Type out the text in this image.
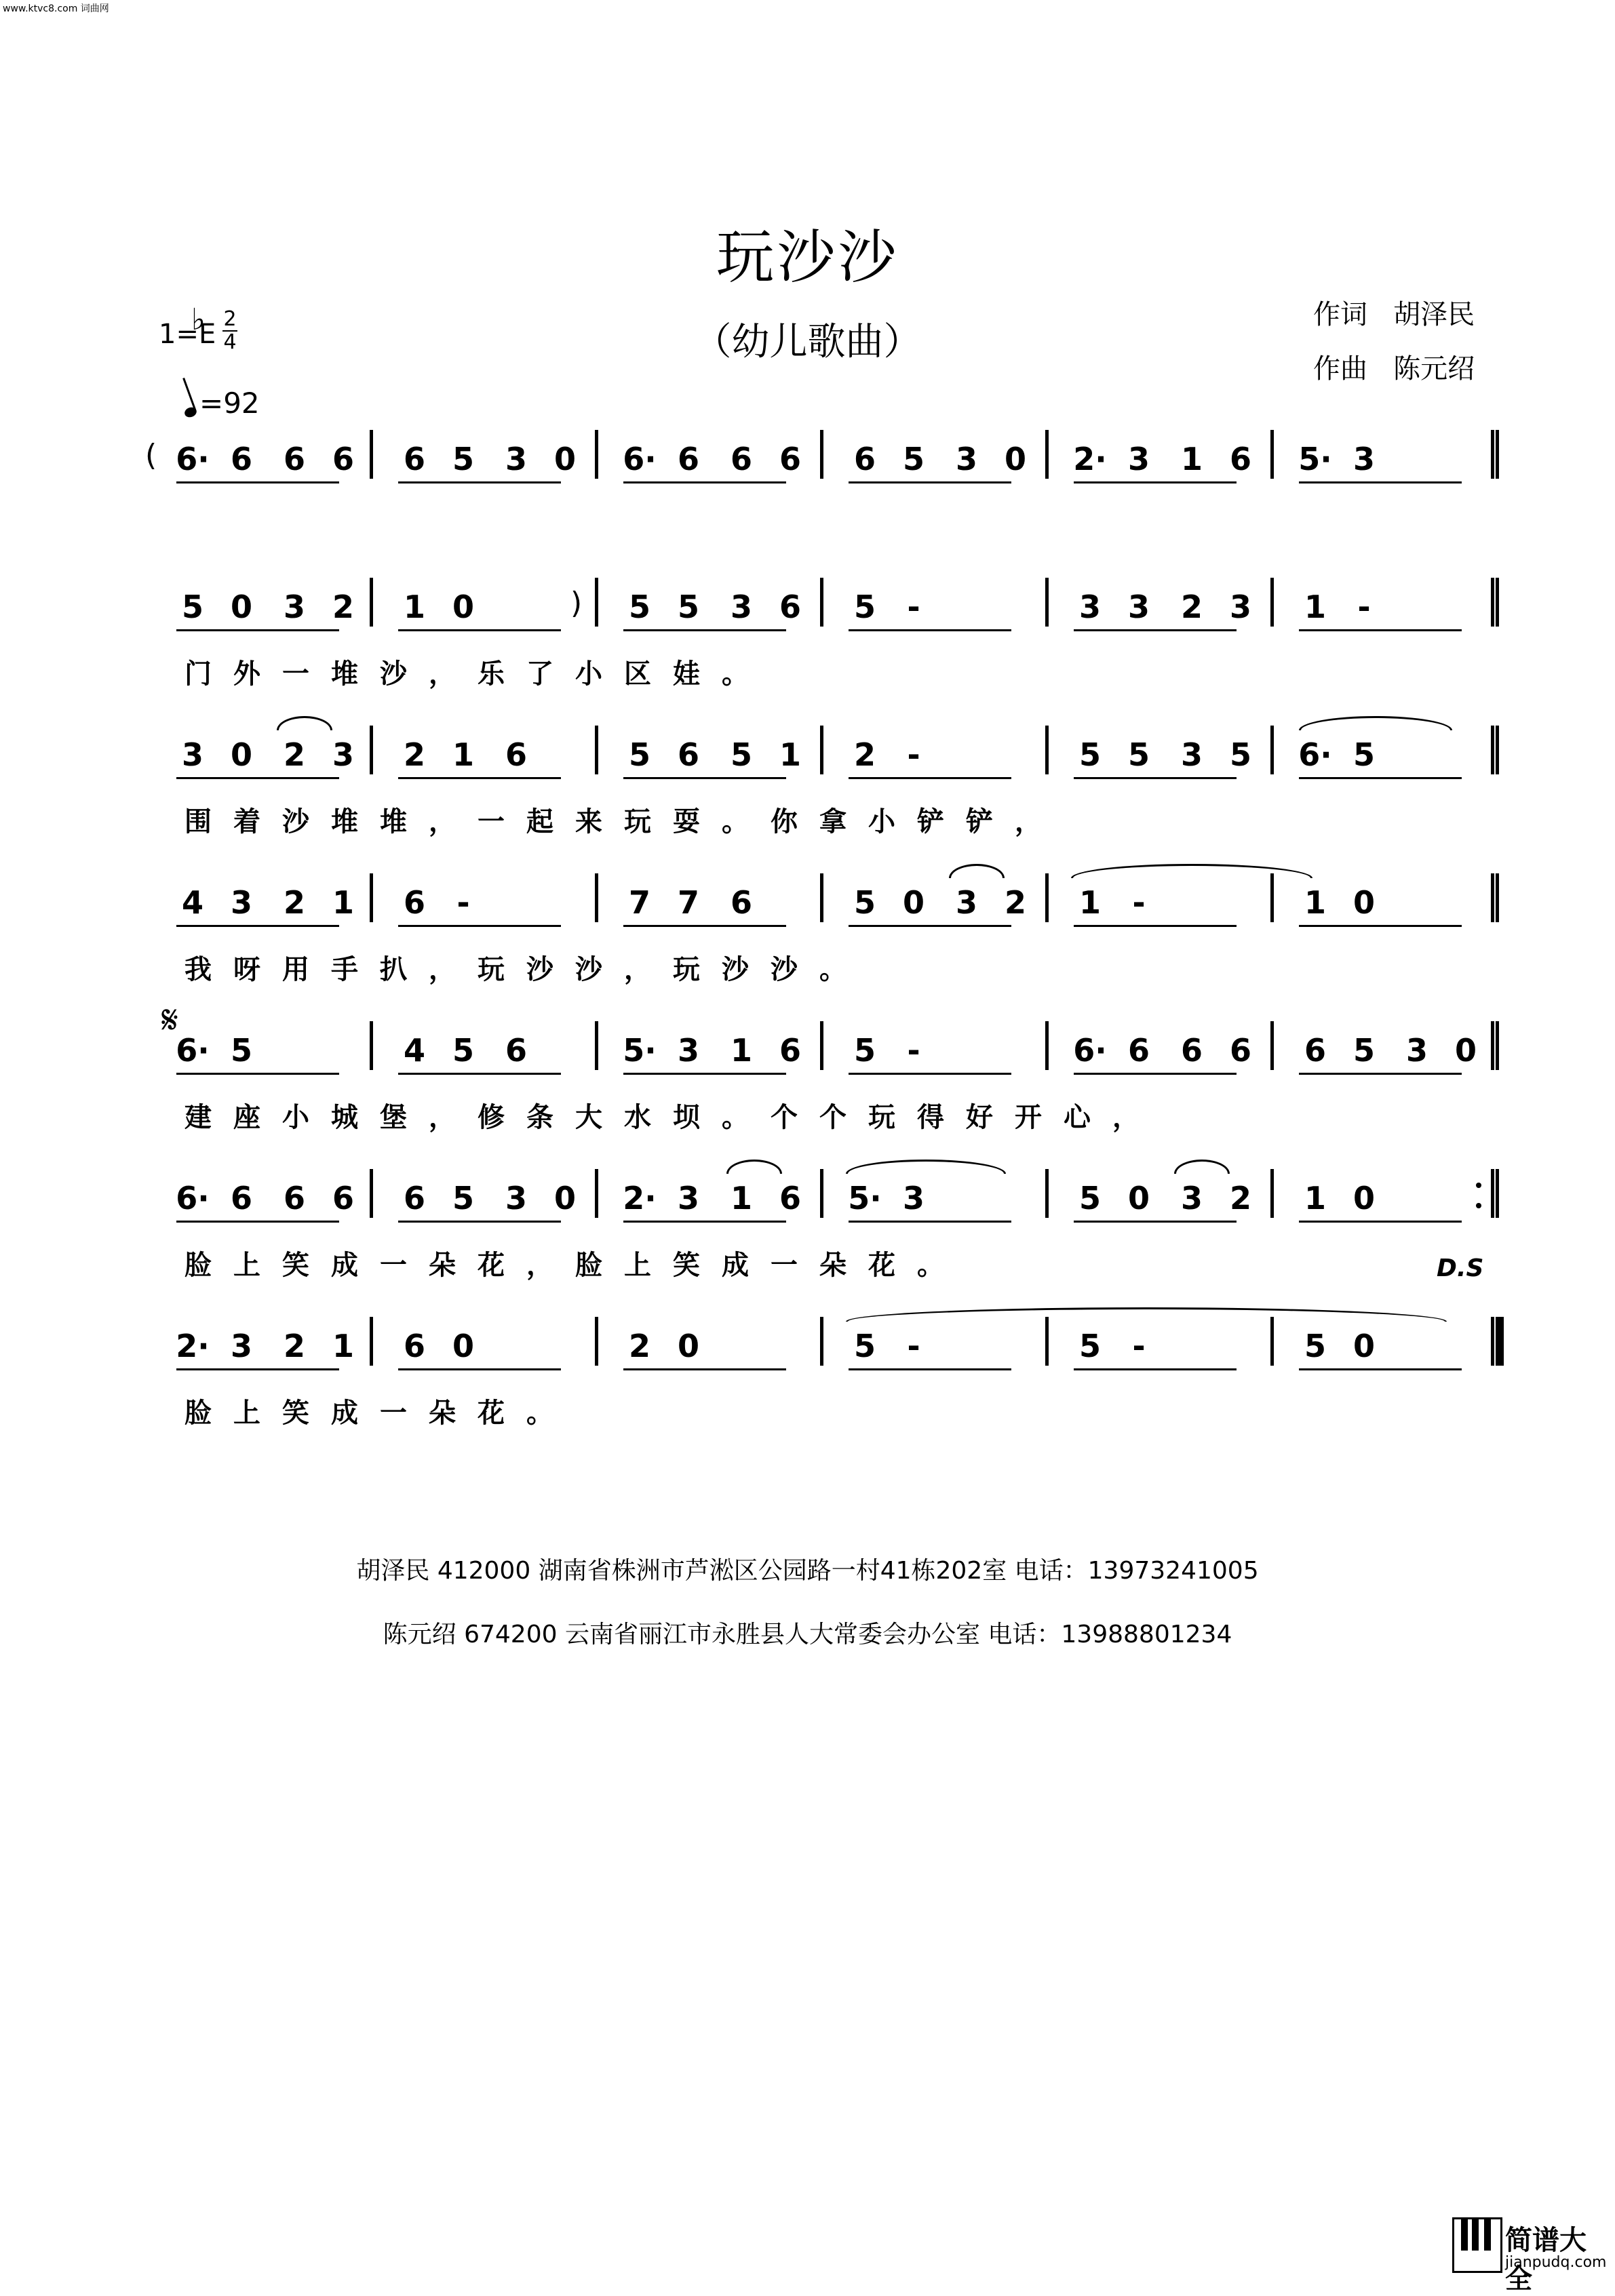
www.ktvc8.com 词曲网
玩沙沙
（幼儿歌曲）
作词 胡泽民
作曲 陈元绍
1=E
♭ 2
4
=92
𝄋
D.S
6· 6 6 6 6 5 3 0 6· 6 6 6 6 5 3 0 2· 3 1 6 5· 3
5 0 3 2 1 0	) 5 5 3 6 5	-	3 3 2 3 1	-
门 外 一 堆 沙 ， 乐 了 小 区 娃 。
3 0 2 3 2 1 6	5 6 5 1 2	-	5 5 3 5 6· 5
围 着 沙 堆 堆 ， 一 起 来 玩 耍 。 你 拿 小 铲 铲 ，
4 3 2 1 6	-	7 7 6	5 0 3 2 1	-	1 0
我 呀 用 手 扒 ， 玩 沙 沙 ， 玩 沙 沙 。
6· 5	4 5 6	5· 3 1 6 5	-	6· 6 6 6 6 5 3 0
建 座 小 城 堡 ， 修 条 大 水 坝 。 个 个 玩 得 好 开 心 ，
6· 6 6 6 6 5 3 0 2· 3 1 6 5· 3	5 0 3 2 1 0
脸 上 笑 成 一 朵 花 ， 脸 上 笑 成 一 朵 花 。
2· 3 2 1 6 0	2 0	5	-	5	-	5 0
脸 上 笑 成 一 朵 花 。
(
胡泽民 412000 湖南省株洲市芦淞区公园路一村41栋202室 电话：13973241005
陈元绍 674200 云南省丽江市永胜县人大常委会办公室 电话：13988801234
简谱大全
jianpudq.com
